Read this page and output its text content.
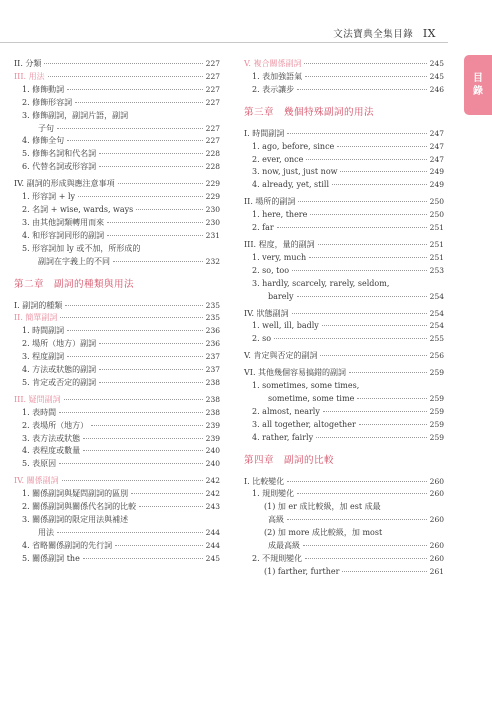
文法寶典全集目錄 IX
目
錄
II. 分類	227
III. 用法	227
1. 修飾動詞	227
2. 修飾形容詞	227
3. 修飾副詞，副詞片語，副詞
子句	227
4. 修飾全句	227
5. 修飾名詞和代名詞	228
6. 代替名詞或形容詞	228
IV. 副詞的形成與應注意事項	229
1. 形容詞 + ly	229
2. 名詞 + wise, wards, ways	230
3. 由其他詞類轉用而來	230
4. 和形容詞同形的副詞	231
5. 形容詞加 ly 或不加，所形成的
副詞在字義上的不同	232
第二章　副詞的種類與用法
I. 副詞的種類	235
II. 簡單副詞	235
1. 時間副詞	236
2. 場所（地方）副詞	236
3. 程度副詞	237
4. 方法或狀態的副詞	237
5. 肯定或否定的副詞	238
III. 疑問副詞	238
1. 表時間	238
2. 表場所（地方）	239
3. 表方法或狀態	239
4. 表程度或數量	240
5. 表原因	240
IV. 關係副詞	242
1. 關係副詞與疑問副詞的區別	242
2. 關係副詞與關係代名詞的比較	243
3. 關係副詞的限定用法與補述
用法	244
4. 省略關係副詞的先行詞	244
5. 關係副詞 the	245
V. 複合關係副詞	245
1. 表加強語氣	245
2. 表示讓步	246
第三章　幾個特殊副詞的用法
I. 時間副詞	247
1. ago, before, since	247
2. ever, once	247
3. now, just, just now	249
4. already, yet, still	249
II. 場所的副詞	250
1. here, there	250
2. far	251
III. 程度，量的副詞	251
1. very, much	251
2. so, too	253
3. hardly, scarcely, rarely, seldom,
barely	254
IV. 狀態副詞	254
1. well, ill, badly	254
2. so	255
V. 肯定與否定的副詞	256
VI. 其他幾個容易搞錯的副詞	259
1. sometimes, some times,
sometime, some time	259
2. almost, nearly	259
3. all together, altogether	259
4. rather, fairly	259
第四章　副詞的比較
I. 比較變化	260
1. 規則變化	260
(1) 加 er 成比較級，加 est 成最
高級	260
(2) 加 more 成比較級，加 most
成最高級	260
2. 不規則變化	260
(1) farther, further	261
